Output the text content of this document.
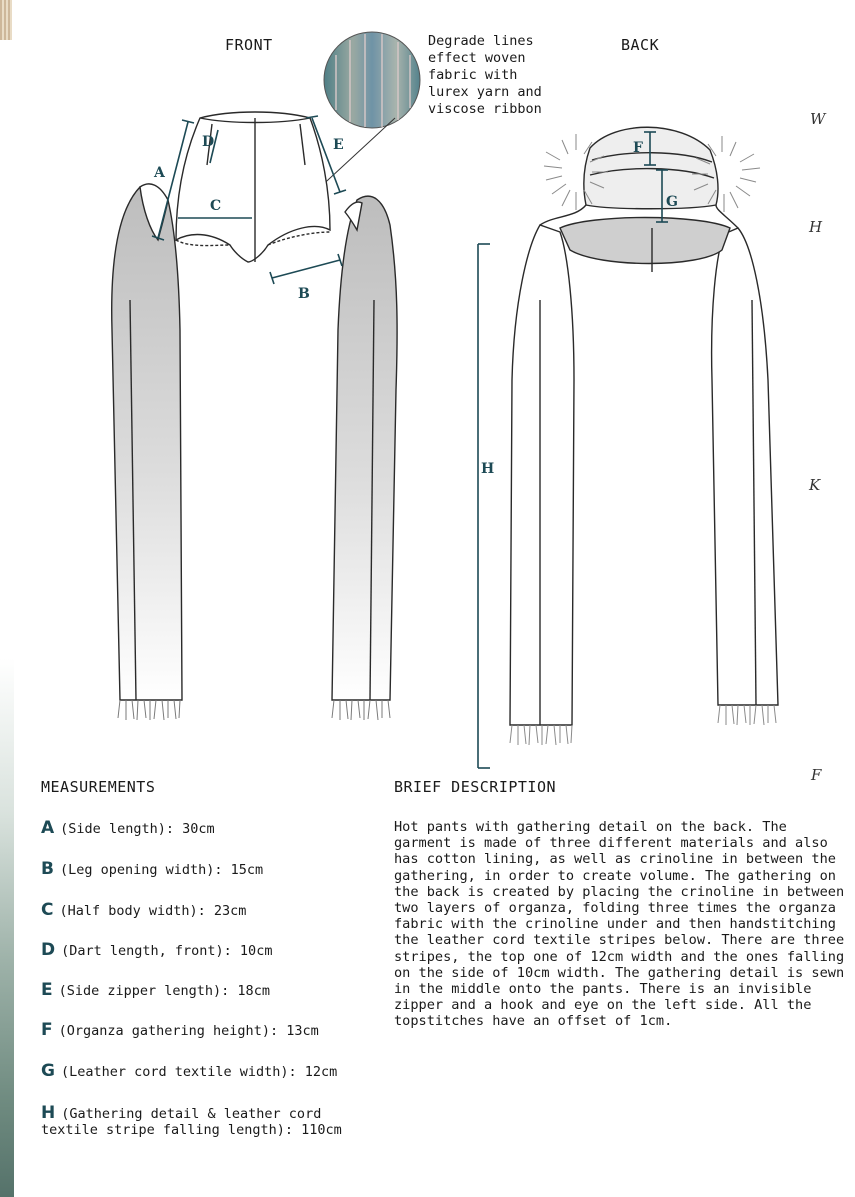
FRONT	BACK
Degrade lines
effect woven
fabric with
lurex yarn and
viscose ribbon
W
H
K
F
A
B
C
D	E	F
G
H
MEASUREMENTS	BRIEF DESCRIPTION
A (Side length): 30cm
B (Leg opening width): 15cm
C (Half body width): 23cm
D (Dart length, front): 10cm
E (Side zipper length): 18cm
F (Organza gathering height): 13cm
G (Leather cord textile width): 12cm
H (Gathering detail & leather cord
textile stripe falling length): 110cm

Hot pants with gathering detail on the back. The garment is made of three different materials and also has cotton lining, as well as crinoline in between the gathering, in order to create volume. The gathering on the back is created by placing the crinoline in between two layers of organza, folding three times the organza fabric with the crinoline under and then handstitching the leather cord textile stripes below. There are three stripes, the top one of 12cm width and the ones falling on the side of 10cm width. The gathering detail is sewn in the middle onto the pants. There is an invisible zipper and a hook and eye on the left side. All the topstitches have an offset of 1cm.
